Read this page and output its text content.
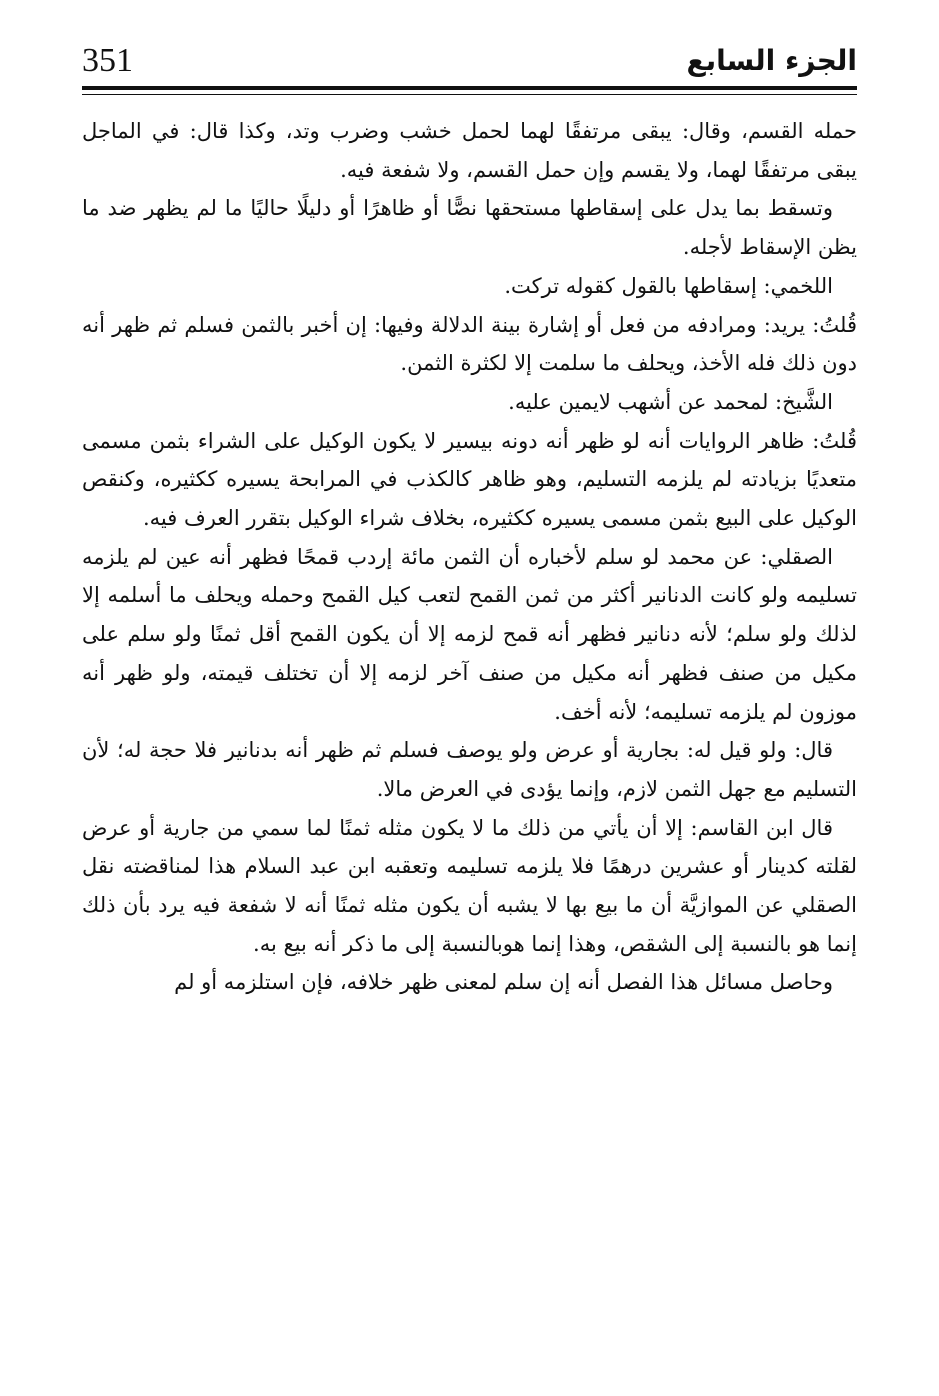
351	الجزء السابع

حمله القسم، وقال: يبقى مرتفقًا لهما لحمل خشب وضرب وتد، وكذا قال: في الماجل يبقى مرتفقًا لهما، ولا يقسم وإن حمل القسم، ولا شفعة فيه.

وتسقط بما يدل على إسقاطها مستحقها نصًّا أو ظاهرًا أو دليلًا حاليًا ما لم يظهر ضد ما يظن الإسقاط لأجله.

اللخمي: إسقاطها بالقول كقوله تركت.

قُلتُ: يريد: ومرادفه من فعل أو إشارة بينة الدلالة وفيها: إن أخبر بالثمن فسلم ثم ظهر أنه دون ذلك فله الأخذ، ويحلف ما سلمت إلا لكثرة الثمن.

الشَّيخ: لمحمد عن أشهب لايمين عليه.

قُلتُ: ظاهر الروايات أنه لو ظهر أنه دونه بيسير لا يكون الوكيل على الشراء بثمن مسمى متعديًا بزيادته لم يلزمه التسليم، وهو ظاهر كالكذب في المرابحة يسيره ككثيره، وكنقص الوكيل على البيع بثمن مسمى يسيره ككثيره، بخلاف شراء الوكيل بتقرر العرف فيه.

الصقلي: عن محمد لو سلم لأخباره أن الثمن مائة إردب قمحًا فظهر أنه عين لم يلزمه تسليمه ولو كانت الدنانير أكثر من ثمن القمح لتعب كيل القمح وحمله ويحلف ما أسلمه إلا لذلك ولو سلم؛ لأنه دنانير فظهر أنه قمح لزمه إلا أن يكون القمح أقل ثمنًا ولو سلم على مكيل من صنف فظهر أنه مكيل من صنف آخر لزمه إلا أن تختلف قيمته، ولو ظهر أنه موزون لم يلزمه تسليمه؛ لأنه أخف.

قال: ولو قيل له: بجارية أو عرض ولو يوصف فسلم ثم ظهر أنه بدنانير فلا حجة له؛ لأن التسليم مع جهل الثمن لازم، وإنما يؤدى في العرض مالا.

قال ابن القاسم: إلا أن يأتي من ذلك ما لا يكون مثله ثمنًا لما سمي من جارية أو عرض لقلته كدينار أو عشرين درهمًا فلا يلزمه تسليمه وتعقبه ابن عبد السلام هذا لمناقضته نقل الصقلي عن الموازيَّة أن ما بيع بها لا يشبه أن يكون مثله ثمنًا أنه لا شفعة فيه يرد بأن ذلك إنما هو بالنسبة إلى الشقص، وهذا إنما هوبالنسبة إلى ما ذكر أنه بيع به.

وحاصل مسائل هذا الفصل أنه إن سلم لمعنى ظهر خلافه، فإن استلزمه أو لم
